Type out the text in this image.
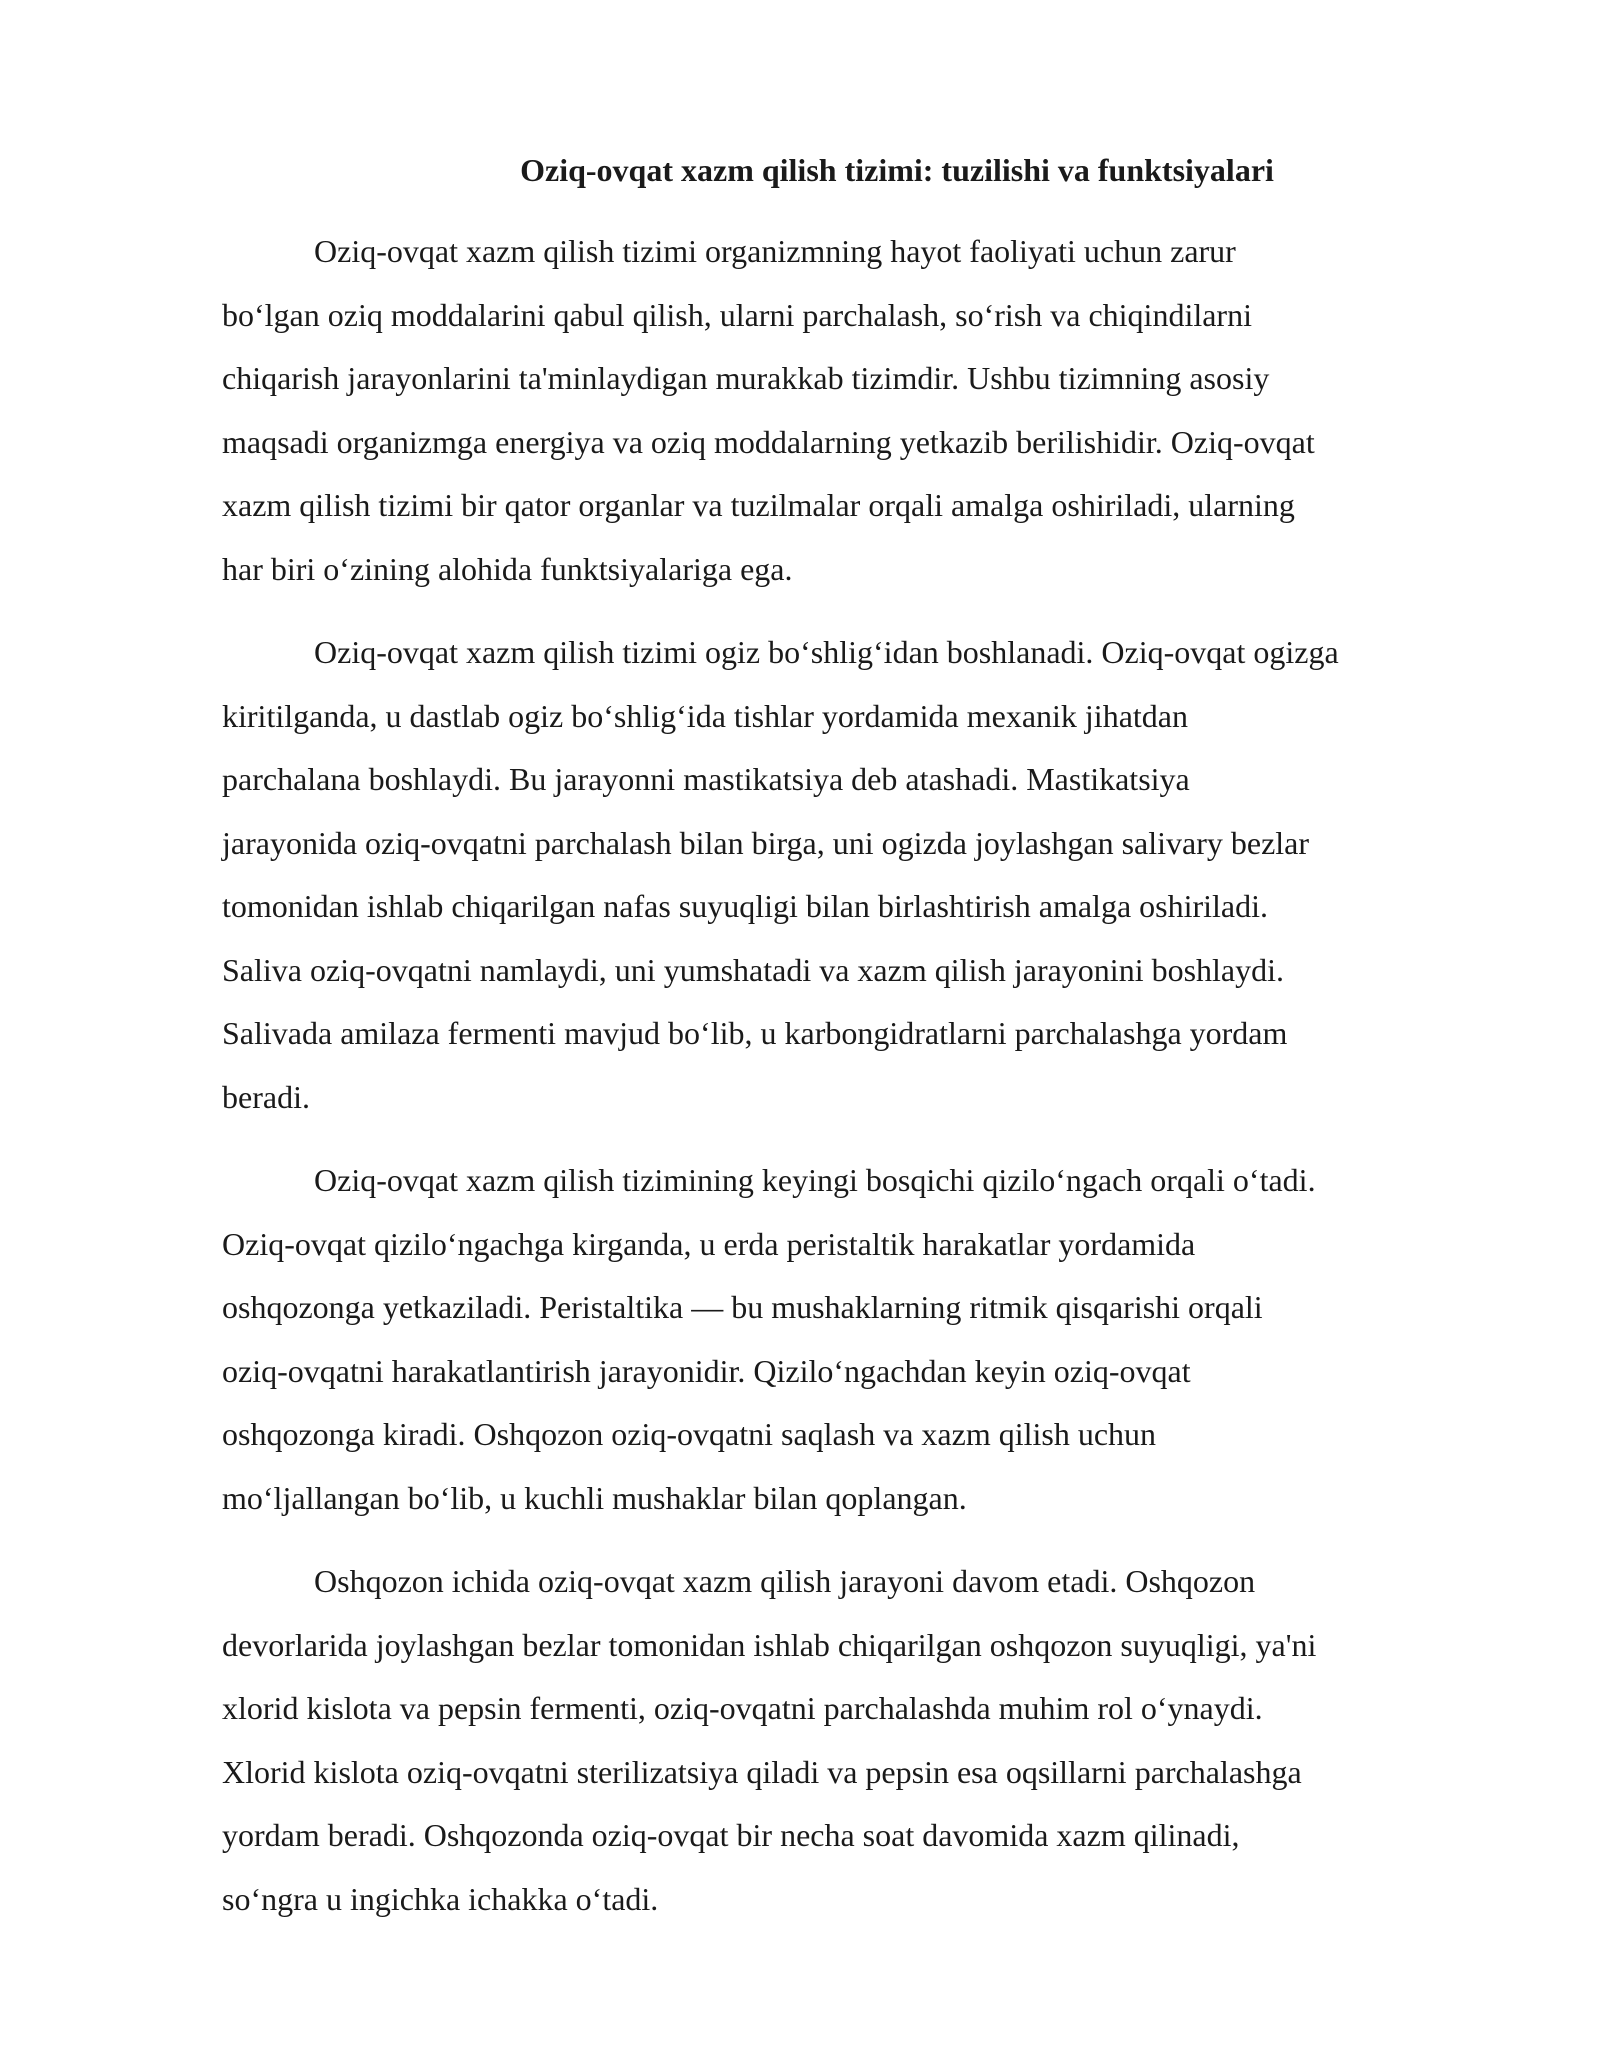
Oziq-ovqat xazm qilish tizimi: tuzilishi va funktsiyalari

Oziq-ovqat xazm qilish tizimi organizmning hayot faoliyati uchun zarur
bo‘lgan oziq moddalarini qabul qilish, ularni parchalash, so‘rish va chiqindilarni
chiqarish jarayonlarini ta'minlaydigan murakkab tizimdir. Ushbu tizimning asosiy
maqsadi organizmga energiya va oziq moddalarning yetkazib berilishidir. Oziq-ovqat
xazm qilish tizimi bir qator organlar va tuzilmalar orqali amalga oshiriladi, ularning
har biri o‘zining alohida funktsiyalariga ega.

Oziq-ovqat xazm qilish tizimi ogiz bo‘shlig‘idan boshlanadi. Oziq-ovqat ogizga
kiritilganda, u dastlab ogiz bo‘shlig‘ida tishlar yordamida mexanik jihatdan
parchalana boshlaydi. Bu jarayonni mastikatsiya deb atashadi. Mastikatsiya
jarayonida oziq-ovqatni parchalash bilan birga, uni ogizda joylashgan salivary bezlar
tomonidan ishlab chiqarilgan nafas suyuqligi bilan birlashtirish amalga oshiriladi.
Saliva oziq-ovqatni namlaydi, uni yumshatadi va xazm qilish jarayonini boshlaydi.
Salivada amilaza fermenti mavjud bo‘lib, u karbongidratlarni parchalashga yordam
beradi.

Oziq-ovqat xazm qilish tizimining keyingi bosqichi qizilo‘ngach orqali o‘tadi.
Oziq-ovqat qizilo‘ngachga kirganda, u erda peristaltik harakatlar yordamida
oshqozonga yetkaziladi. Peristaltika — bu mushaklarning ritmik qisqarishi orqali
oziq-ovqatni harakatlantirish jarayonidir. Qizilo‘ngachdan keyin oziq-ovqat
oshqozonga kiradi. Oshqozon oziq-ovqatni saqlash va xazm qilish uchun
mo‘ljallangan bo‘lib, u kuchli mushaklar bilan qoplangan.

Oshqozon ichida oziq-ovqat xazm qilish jarayoni davom etadi. Oshqozon
devorlarida joylashgan bezlar tomonidan ishlab chiqarilgan oshqozon suyuqligi, ya'ni
xlorid kislota va pepsin fermenti, oziq-ovqatni parchalashda muhim rol o‘ynaydi.
Xlorid kislota oziq-ovqatni sterilizatsiya qiladi va pepsin esa oqsillarni parchalashga
yordam beradi. Oshqozonda oziq-ovqat bir necha soat davomida xazm qilinadi,
so‘ngra u ingichka ichakka o‘tadi.
